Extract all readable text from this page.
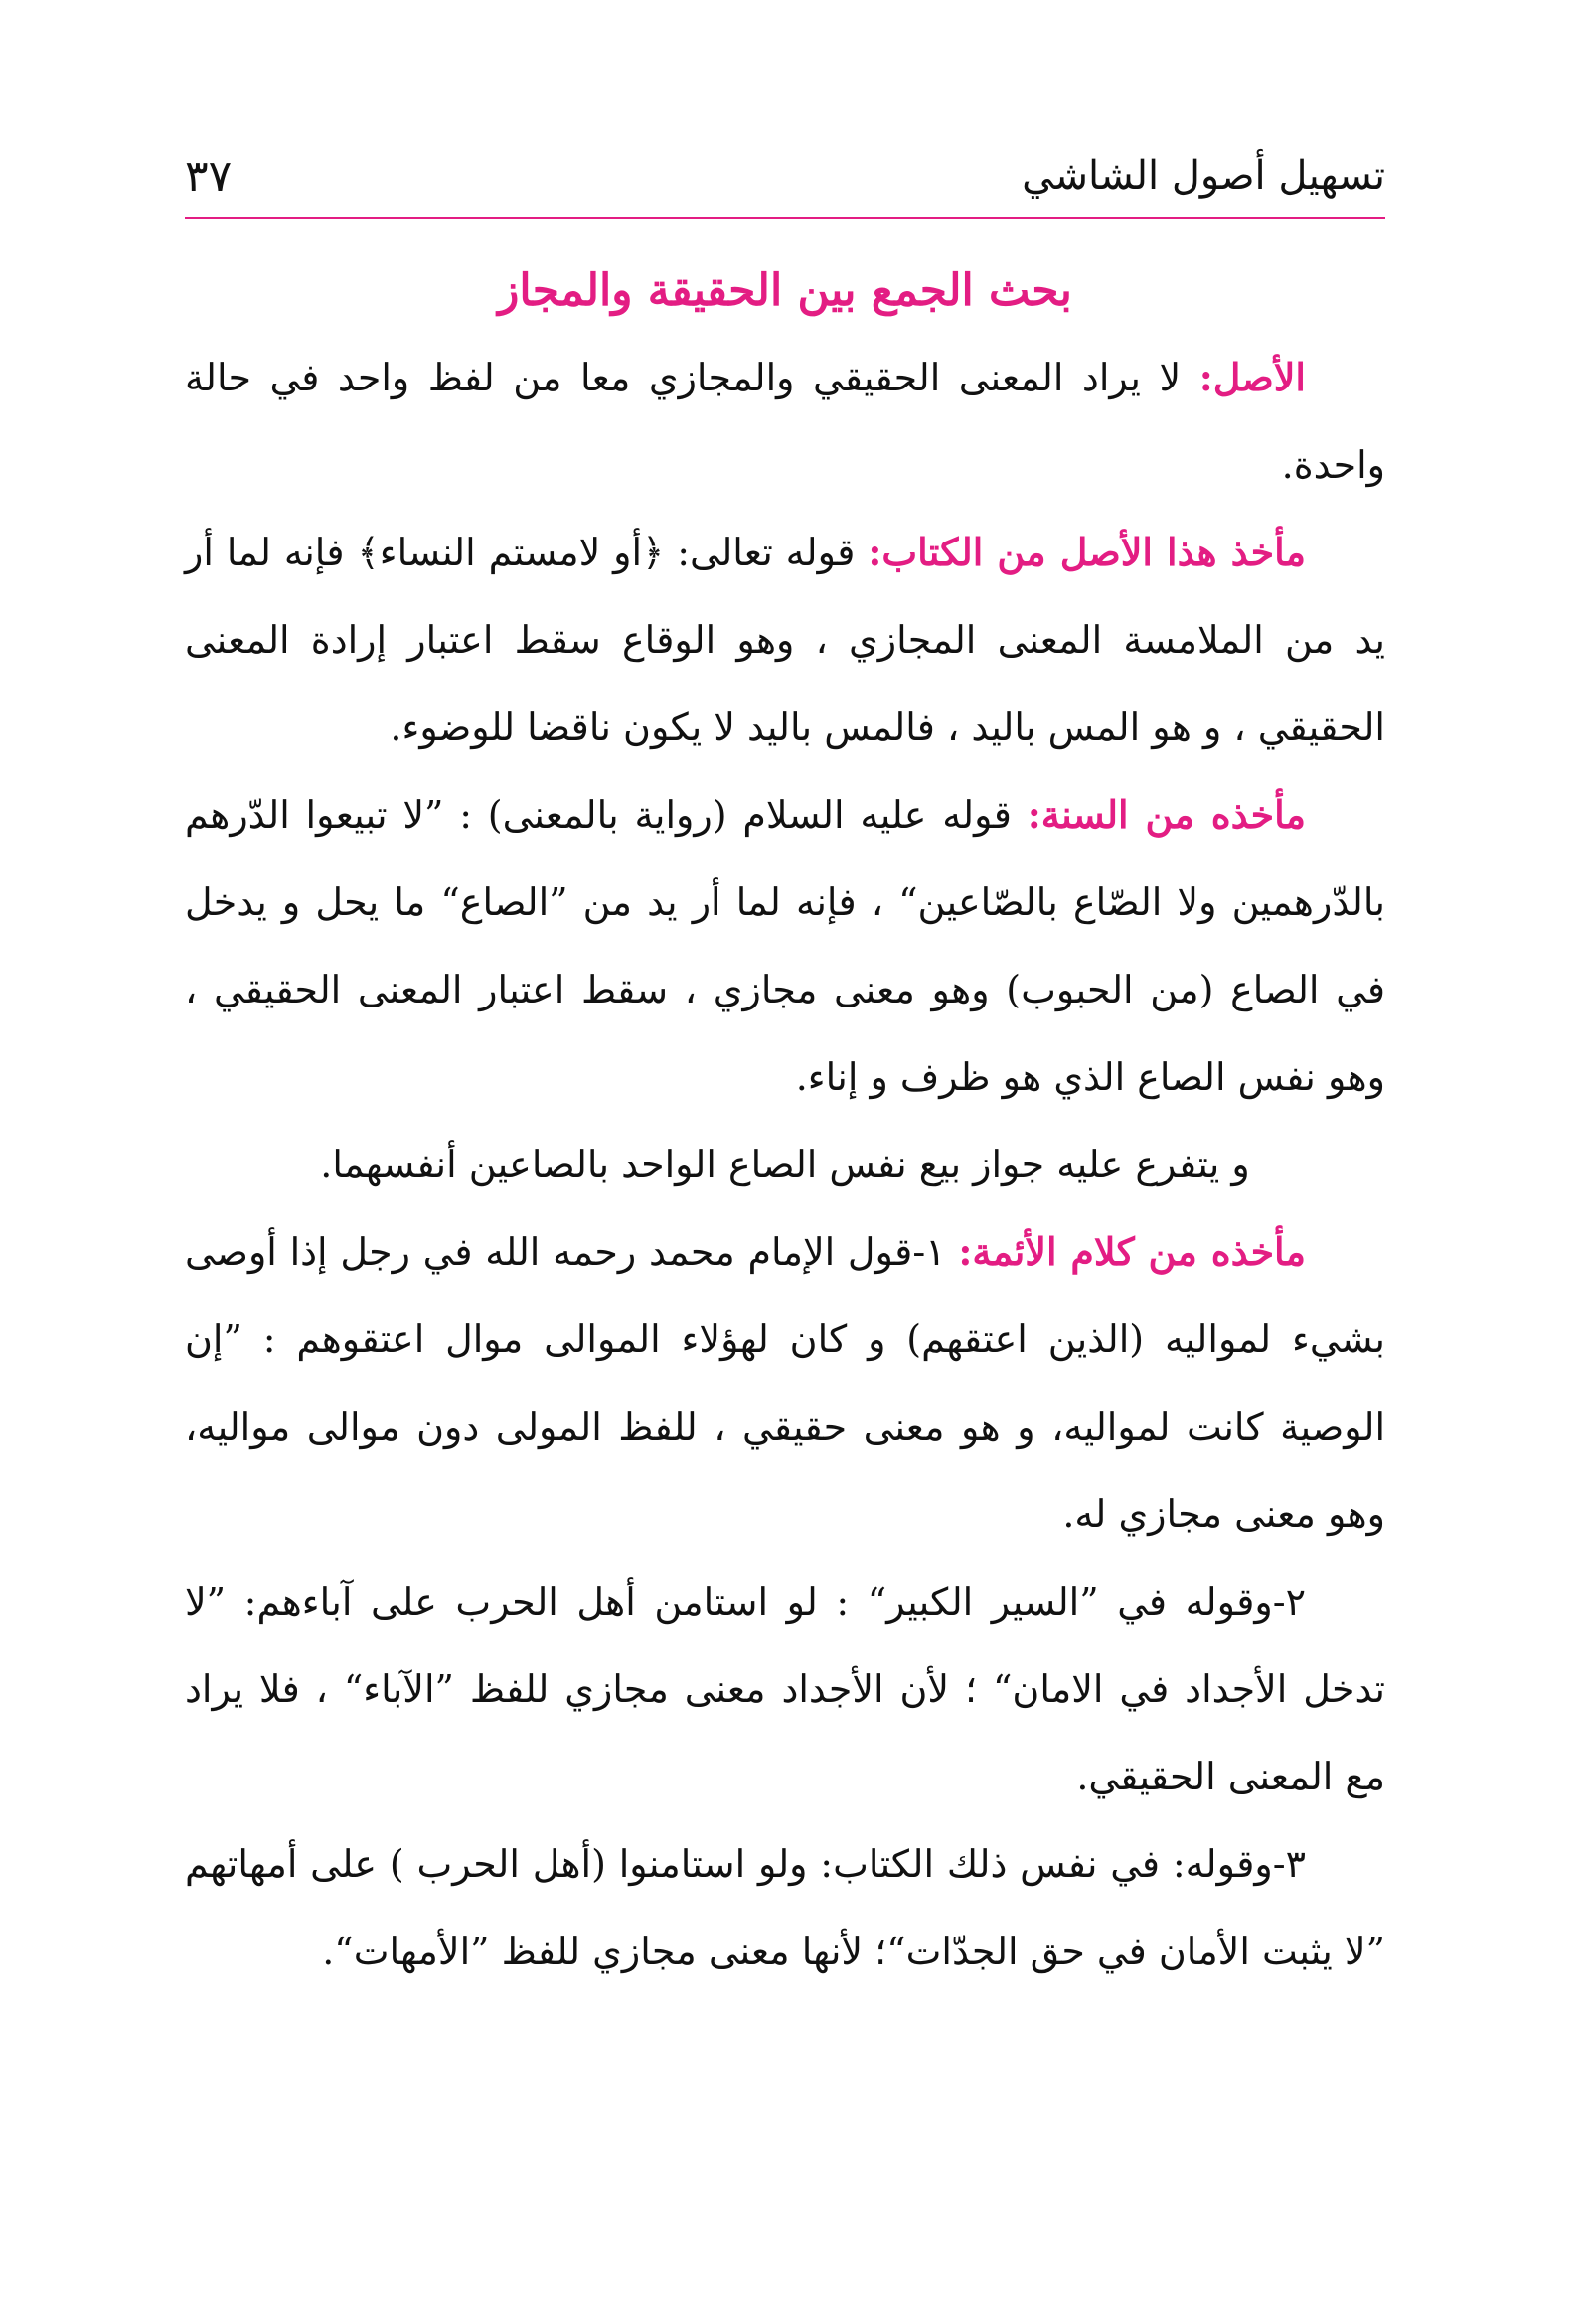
تسهيل أصول الشاشي
٣٧

بحث الجمع بين الحقيقة والمجاز

الأصل: لا يراد المعنى الحقيقي والمجازي معا من لفظ واحد في حالة واحدة.

مأخذ هذا الأصل من الكتاب: قوله تعالى: ﴿أو لامستم النساء﴾ فإنه لما أر يد من الملامسة المعنى المجازي ، وهو الوقاع سقط اعتبار إرادة المعنى الحقيقي ، و هو المس باليد ، فالمس باليد لا يكون ناقضا للوضوء.

مأخذه من السنة: قوله عليه السلام (رواية بالمعنى) : ”لا تبيعوا الدّرهم بالدّرهمين ولا الصّاع بالصّاعين“ ، فإنه لما أر يد من ”الصاع“ ما يحل و يدخل في الصاع (من الحبوب) وهو معنى مجازي ، سقط اعتبار المعنى الحقيقي ، وهو نفس الصاع الذي هو ظرف و إناء.

و يتفرع عليه جواز بيع نفس الصاع الواحد بالصاعين أنفسهما.

مأخذه من كلام الأئمة: ١-قول الإمام محمد رحمه الله في رجل إذا أوصى بشيء لمواليه (الذين اعتقهم) و كان لهؤلاء الموالى موال اعتقوهم : ”إن الوصية كانت لمواليه، و هو معنى حقيقي ، للفظ المولى دون موالى مواليه، وهو معنى مجازي له.

٢-وقوله في ”السير الكبير“ : لو استامن أهل الحرب على آباءهم: ”لا تدخل الأجداد في الامان“ ؛ لأن الأجداد معنى مجازي للفظ ”الآباء“ ، فلا يراد مع المعنى الحقيقي.

٣-وقوله: في نفس ذلك الكتاب: ولو استامنوا (أهل الحرب ) على أمهاتهم ”لا يثبت الأمان في حق الجدّات“؛ لأنها معنى مجازي للفظ ”الأمهات“.
